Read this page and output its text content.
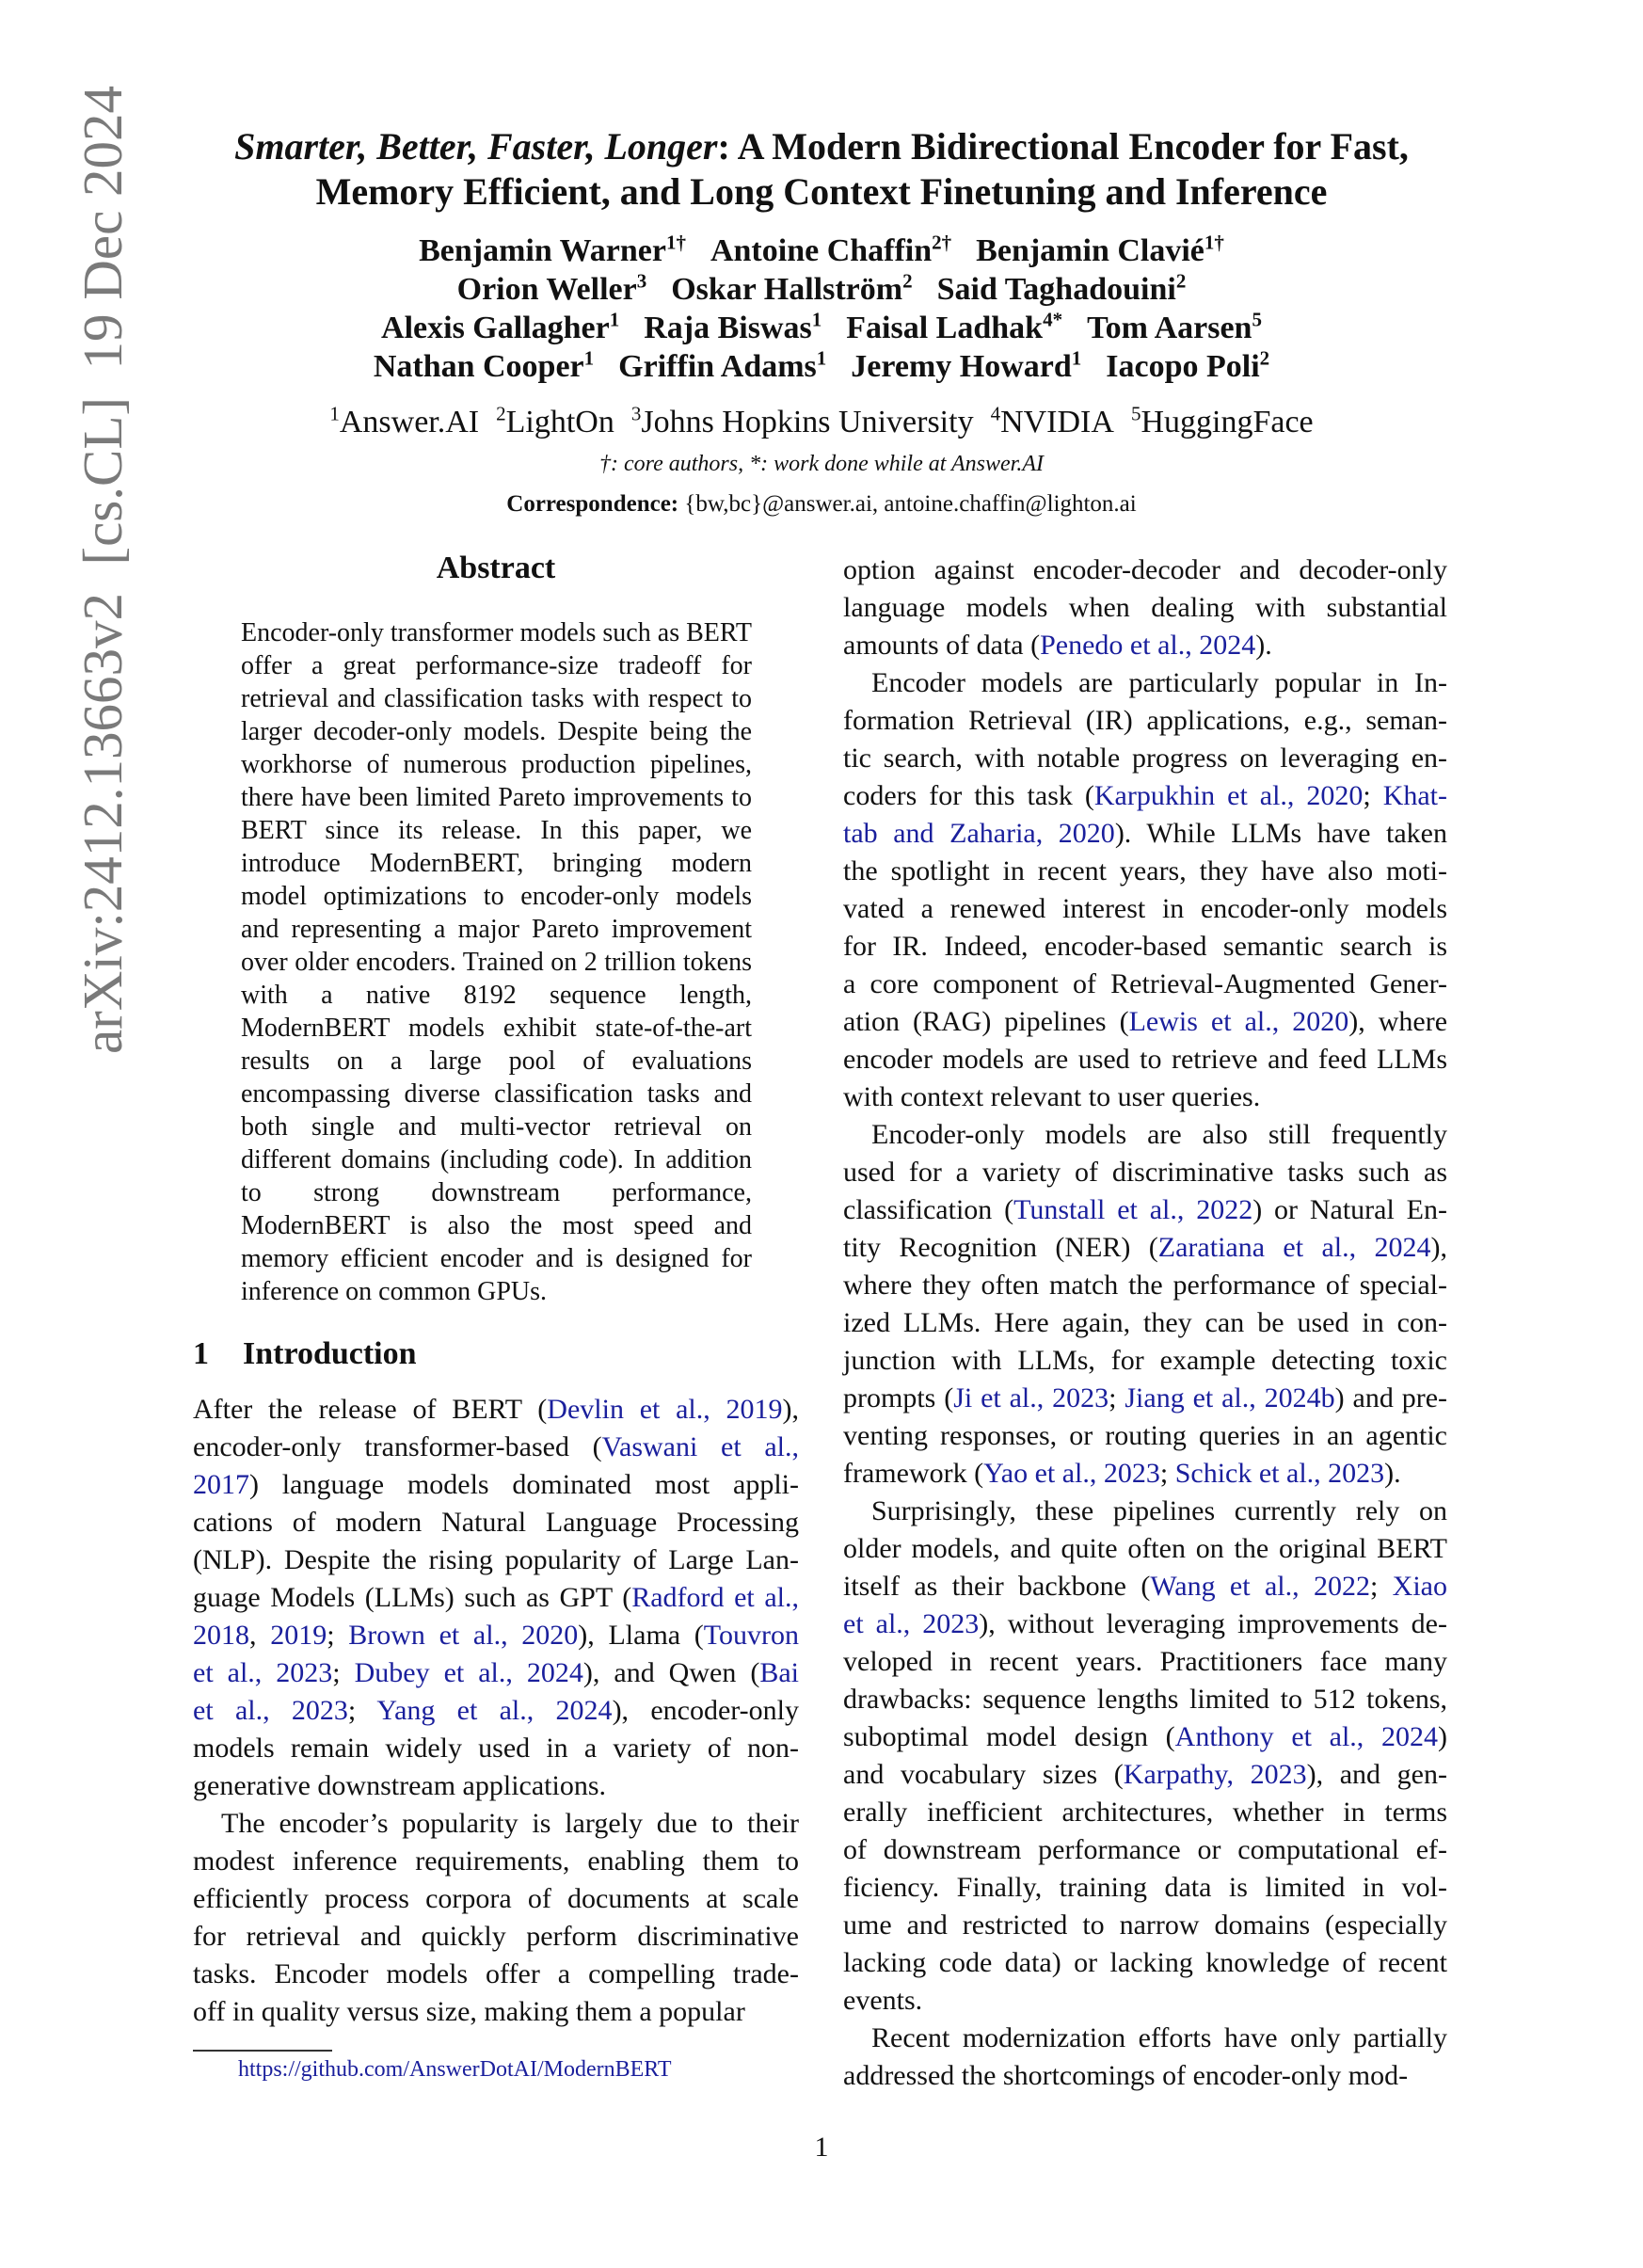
Smarter, Better, Faster, Longer: A Modern Bidirectional Encoder for Fast,
Memory Efficient, and Long Context Finetuning and Inference
Benjamin Warner$^{1\dagger}$ Antoine Chaffin$^{2\dagger}$ Benjamin Clavié$^{1\dagger}$
Orion Weller$^3$ Oskar Hallström$^2$ Said Taghadouini$^2$
Alexis Gallagher$^1$ Raja Biswas$^1$ Faisal Ladhak$^{4*}$ Tom Aarsen$^5$
Nathan Cooper$^1$ Griffin Adams$^1$ Jeremy Howard$^1$ Iacopo Poli$^2$
$^1$Answer.AI $^2$LightOn $^3$Johns Hopkins University $^4$NVIDIA $^5$HuggingFace
†: core authors, *: work done while at Answer.AI
Correspondence: {bw,bc}@answer.ai, antoine.chaffin@lighton.ai
arXiv:2412.13663v2  [cs.CL]  19 Dec 2024	Abstract
Encoder-only transformer models such as BERT offer a great performance-size tradeoff for retrieval and classification tasks with respect to larger decoder-only models. Despite being the workhorse of numerous production pipelines, there have been limited Pareto improvements to BERT since its release. In this paper, we introduce ModernBERT, bringing modern model optimizations to encoder-only models and representing a major Pareto improvement over older encoders. Trained on 2 trillion tokens with a native 8192 sequence length, ModernBERT models exhibit state-of-the-art results on a large pool of evaluations encompassing diverse classification tasks and both single and multi-vector retrieval on different domains (including code). In addition to strong downstream performance, ModernBERT is also the most speed and memory efficient encoder and is designed for inference on common GPUs.
1 Introduction
After the release of BERT (Devlin et al., 2019),
encoder-only transformer-based (Vaswani et al.,
2017) language models dominated most appli-
cations of modern Natural Language Processing
(NLP). Despite the rising popularity of Large Lan-
guage Models (LLMs) such as GPT (Radford et al.,
2018, 2019; Brown et al., 2020), Llama (Touvron
et al., 2023; Dubey et al., 2024), and Qwen (Bai
et al., 2023; Yang et al., 2024), encoder-only
models remain widely used in a variety of non-
generative downstream applications.
The encoder’s popularity is largely due to their
modest inference requirements, enabling them to
efficiently process corpora of documents at scale
for retrieval and quickly perform discriminative
tasks. Encoder models offer a compelling trade-
off in quality versus size, making them a popular
option against encoder-decoder and decoder-only
language models when dealing with substantial
amounts of data (Penedo et al., 2024).
Encoder models are particularly popular in In-
formation Retrieval (IR) applications, e.g., seman-
tic search, with notable progress on leveraging en-
coders for this task (Karpukhin et al., 2020; Khat-
tab and Zaharia, 2020). While LLMs have taken
the spotlight in recent years, they have also moti-
vated a renewed interest in encoder-only models
for IR. Indeed, encoder-based semantic search is
a core component of Retrieval-Augmented Gener-
ation (RAG) pipelines (Lewis et al., 2020), where
encoder models are used to retrieve and feed LLMs
with context relevant to user queries.
Encoder-only models are also still frequently
used for a variety of discriminative tasks such as
classification (Tunstall et al., 2022) or Natural En-
tity Recognition (NER) (Zaratiana et al., 2024),
where they often match the performance of special-
ized LLMs. Here again, they can be used in con-
junction with LLMs, for example detecting toxic
prompts (Ji et al., 2023; Jiang et al., 2024b) and pre-
venting responses, or routing queries in an agentic
framework (Yao et al., 2023; Schick et al., 2023).
Surprisingly, these pipelines currently rely on
older models, and quite often on the original BERT
itself as their backbone (Wang et al., 2022; Xiao
et al., 2023), without leveraging improvements de-
veloped in recent years. Practitioners face many
drawbacks: sequence lengths limited to 512 tokens,
suboptimal model design (Anthony et al., 2024)
and vocabulary sizes (Karpathy, 2023), and gen-
erally inefficient architectures, whether in terms
of downstream performance or computational ef-
ficiency. Finally, training data is limited in vol-
ume and restricted to narrow domains (especially
lacking code data) or lacking knowledge of recent
events.
Recent modernization efforts have only partially
addressed the shortcomings of encoder-only mod-
https://github.com/AnswerDotAI/ModernBERT
1
